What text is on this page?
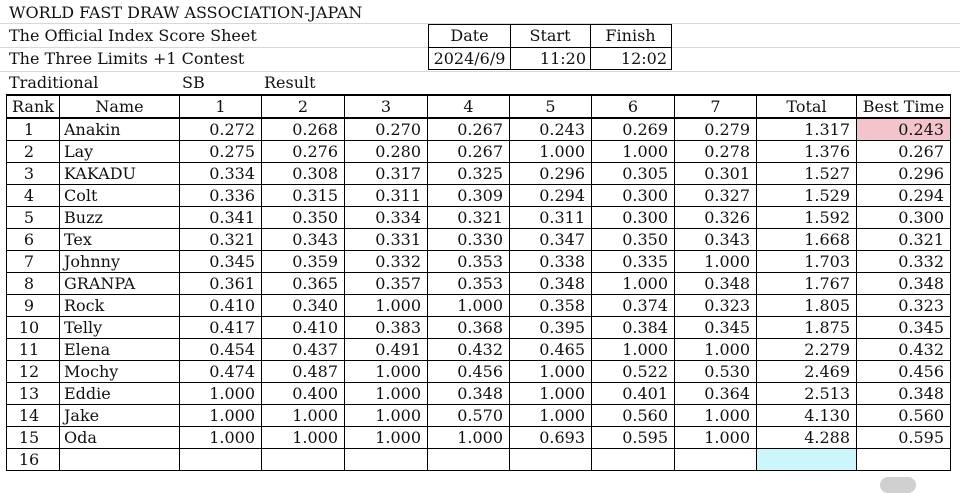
WORLD FAST DRAW ASSOCIATION-JAPAN
The Official Index Score Sheet
The Three Limits +1 Contest
Traditional	SB	Result
Date	Start	Finish
2024/6/9	11:20	12:02
Rank	Name	1	2	3	4	5	6	7	Total	Best Time
1	Anakin	0.272	0.268	0.270	0.267	0.243	0.269	0.279	1.317	0.243
2	Lay	0.275	0.276	0.280	0.267	1.000	1.000	0.278	1.376	0.267
3	KAKADU	0.334	0.308	0.317	0.325	0.296	0.305	0.301	1.527	0.296
4	Colt	0.336	0.315	0.311	0.309	0.294	0.300	0.327	1.529	0.294
5	Buzz	0.341	0.350	0.334	0.321	0.311	0.300	0.326	1.592	0.300
6	Tex	0.321	0.343	0.331	0.330	0.347	0.350	0.343	1.668	0.321
7	Johnny	0.345	0.359	0.332	0.353	0.338	0.335	1.000	1.703	0.332
8	GRANPA	0.361	0.365	0.357	0.353	0.348	1.000	0.348	1.767	0.348
9	Rock	0.410	0.340	1.000	1.000	0.358	0.374	0.323	1.805	0.323
10	Telly	0.417	0.410	0.383	0.368	0.395	0.384	0.345	1.875	0.345
11	Elena	0.454	0.437	0.491	0.432	0.465	1.000	1.000	2.279	0.432
12	Mochy	0.474	0.487	1.000	0.456	1.000	0.522	0.530	2.469	0.456
13	Eddie	1.000	0.400	1.000	0.348	1.000	0.401	0.364	2.513	0.348
14	Jake	1.000	1.000	1.000	0.570	1.000	0.560	1.000	4.130	0.560
15	Oda	1.000	1.000	1.000	1.000	0.693	0.595	1.000	4.288	0.595
16										
